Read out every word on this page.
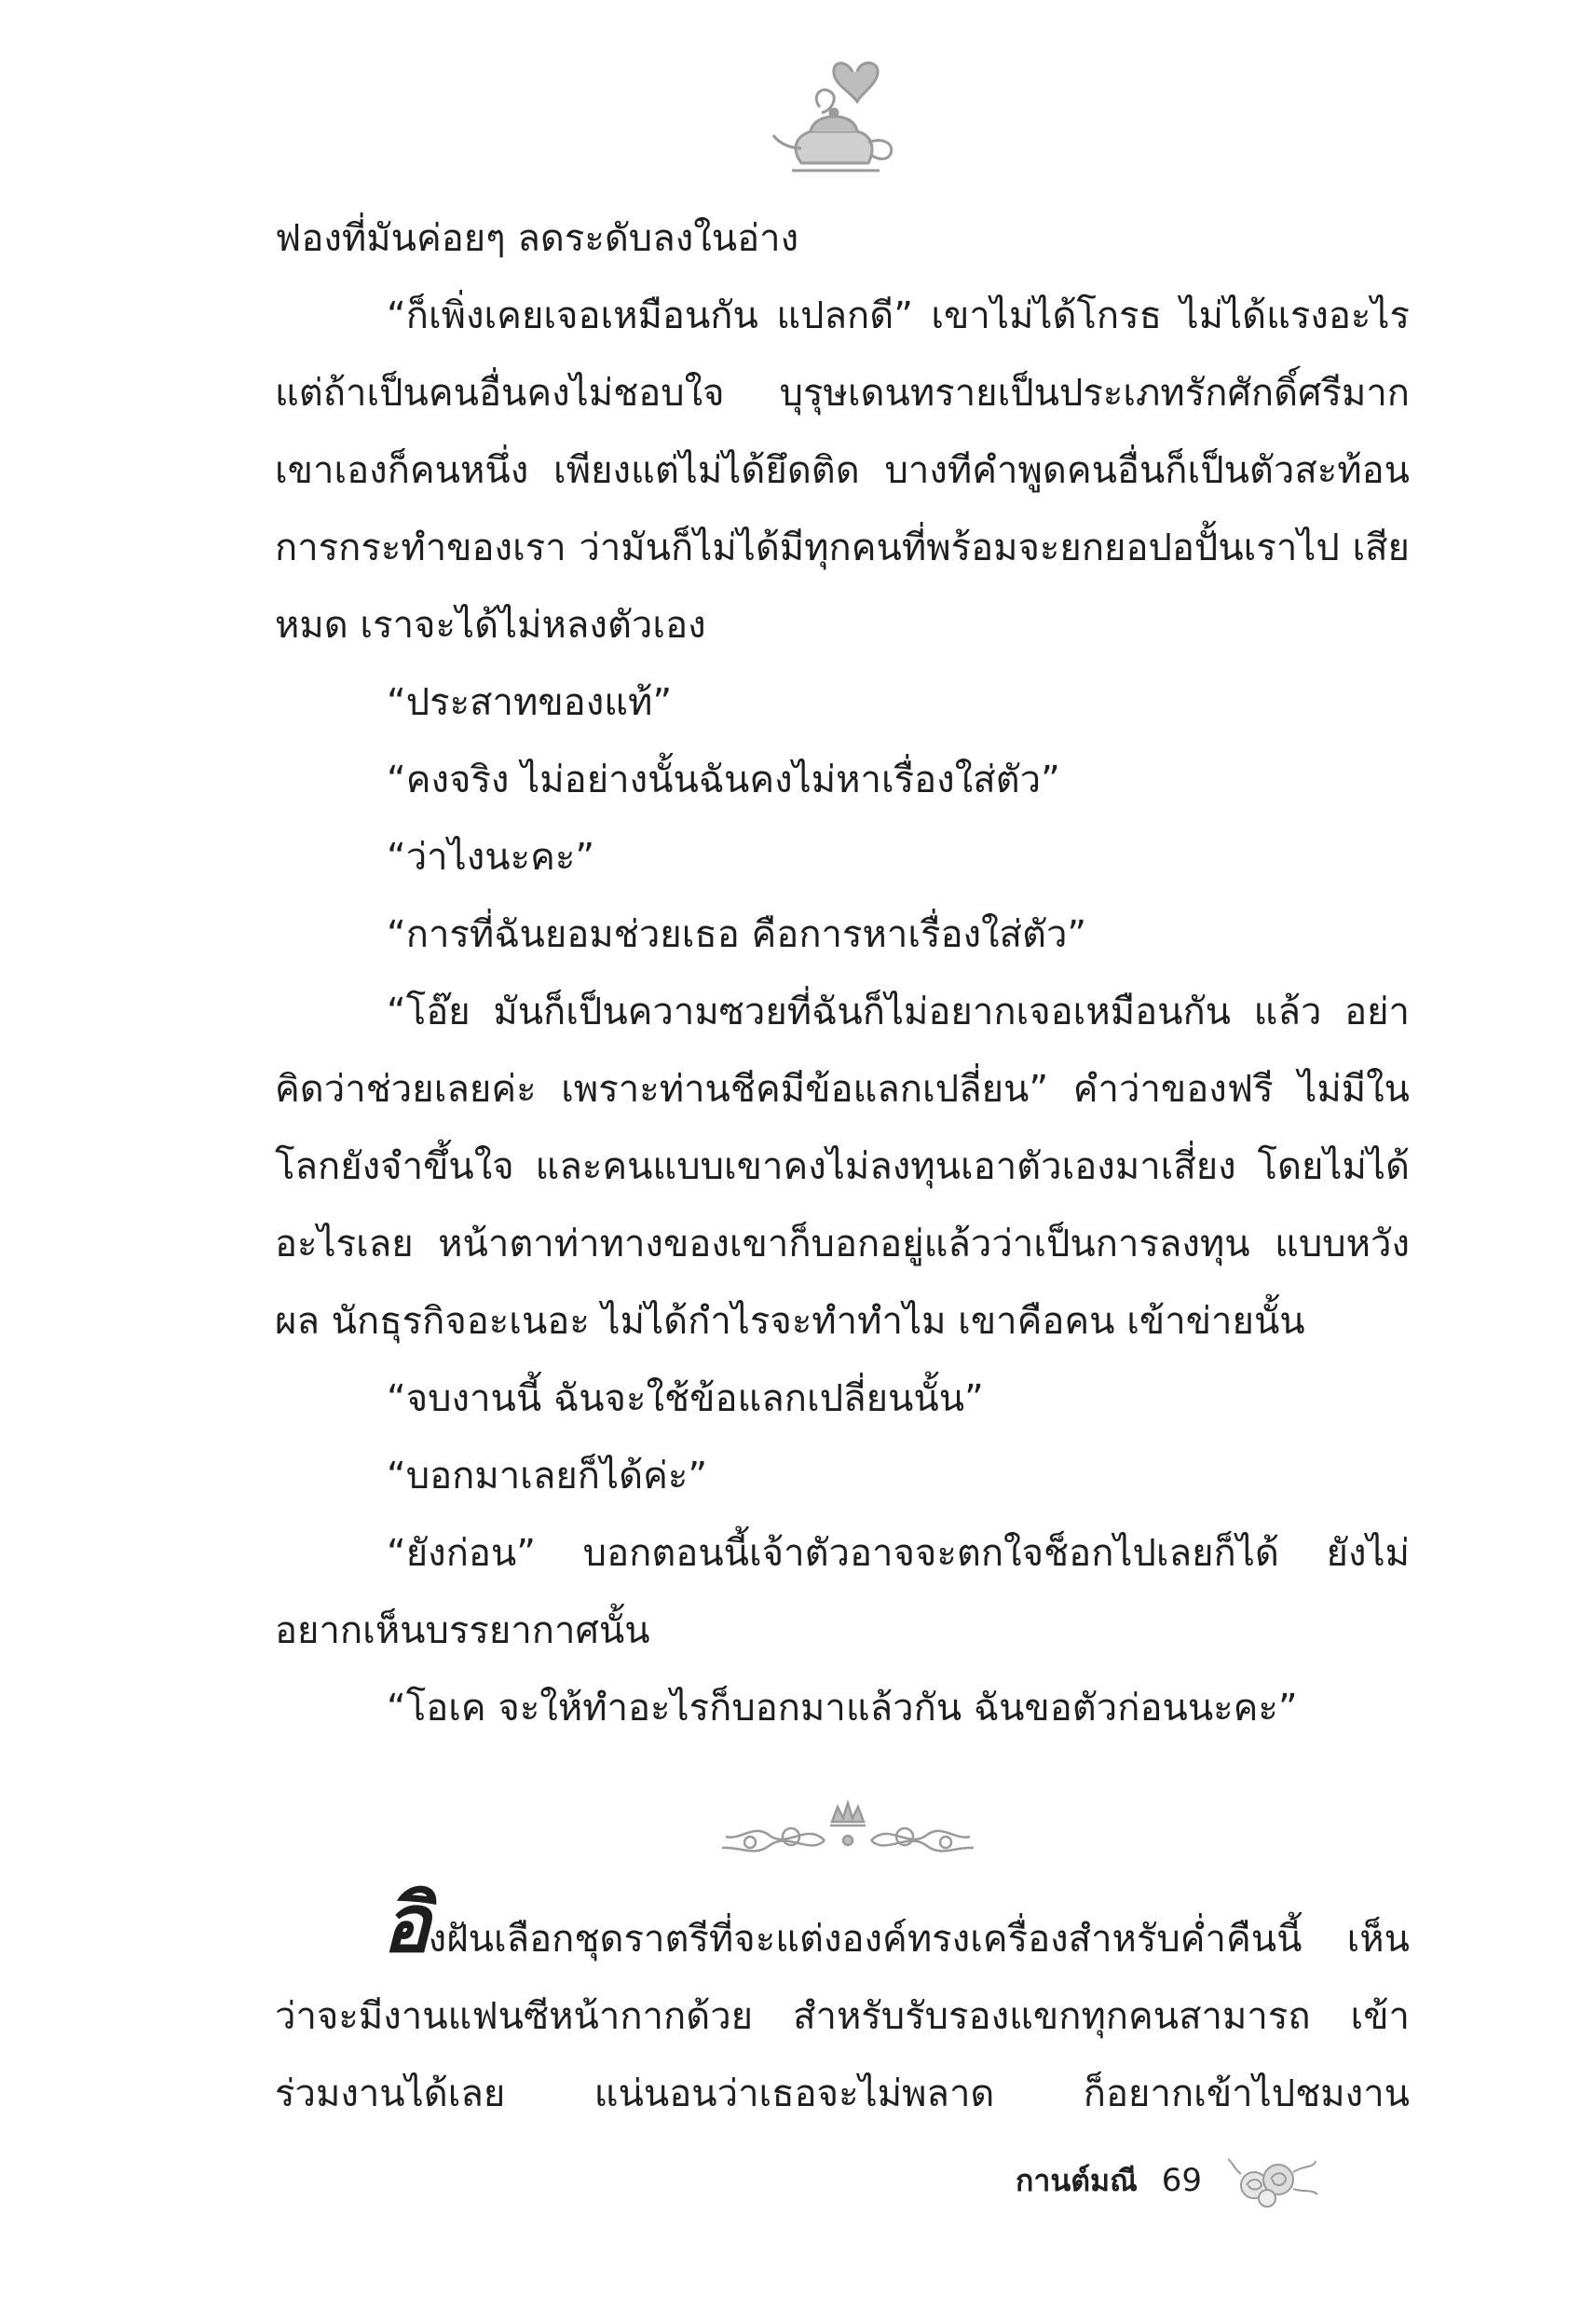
ฟองที่มันค่อยๆ ลดระดับลงในอ่าง

“ก็เพิ่งเคยเจอเหมือนกัน แปลกดี” เขาไม่ได้โกรธ ไม่ได้แรงอะไร แต่ถ้าเป็นคนอื่นคงไม่ชอบใจ บุรุษเดนทรายเป็นประเภทรักศักดิ์ศรีมาก เขาเองก็คนหนึ่ง เพียงแต่ไม่ได้ยึดติด บางทีคำพูดคนอื่นก็เป็นตัวสะท้อน การกระทำของเรา ว่ามันก็ไม่ได้มีทุกคนที่พร้อมจะยกยอปอปั้นเราไป เสียหมด เราจะได้ไม่หลงตัวเอง

“ประสาทของแท้”

“คงจริง ไม่อย่างนั้นฉันคงไม่หาเรื่องใส่ตัว”

“ว่าไงนะคะ”

“การที่ฉันยอมช่วยเธอ คือการหาเรื่องใส่ตัว”

“โอ๊ย มันก็เป็นความซวยที่ฉันก็ไม่อยากเจอเหมือนกัน แล้ว อย่าคิดว่าช่วยเลยค่ะ เพราะท่านชีคมีข้อแลกเปลี่ยน” คำว่าของฟรี ไม่มีในโลกยังจำขึ้นใจ และคนแบบเขาคงไม่ลงทุนเอาตัวเองมาเสี่ยง โดยไม่ได้อะไรเลย หน้าตาท่าทางของเขาก็บอกอยู่แล้วว่าเป็นการลงทุน แบบหวังผล นักธุรกิจอะเนอะ ไม่ได้กำไรจะทำทำไม เขาคือคน เข้าข่ายนั้น

“จบงานนี้ ฉันจะใช้ข้อแลกเปลี่ยนนั้น”

“บอกมาเลยก็ได้ค่ะ”

“ยังก่อน” บอกตอนนี้เจ้าตัวอาจจะตกใจช็อกไปเลยก็ได้ ยังไม่อยากเห็นบรรยากาศนั้น

“โอเค จะให้ทำอะไรก็บอกมาแล้วกัน ฉันขอตัวก่อนนะคะ”

อิงฝันเลือกชุดราตรีที่จะแต่งองค์ทรงเครื่องสำหรับค่ำคืนนี้ เห็นว่าจะมีงานแฟนซีหน้ากากด้วย สำหรับรับรองแขกทุกคนสามารถ เข้าร่วมงานได้เลย แน่นอนว่าเธอจะไม่พลาด ก็อยากเข้าไปชมงาน

กานต์มณี 69
